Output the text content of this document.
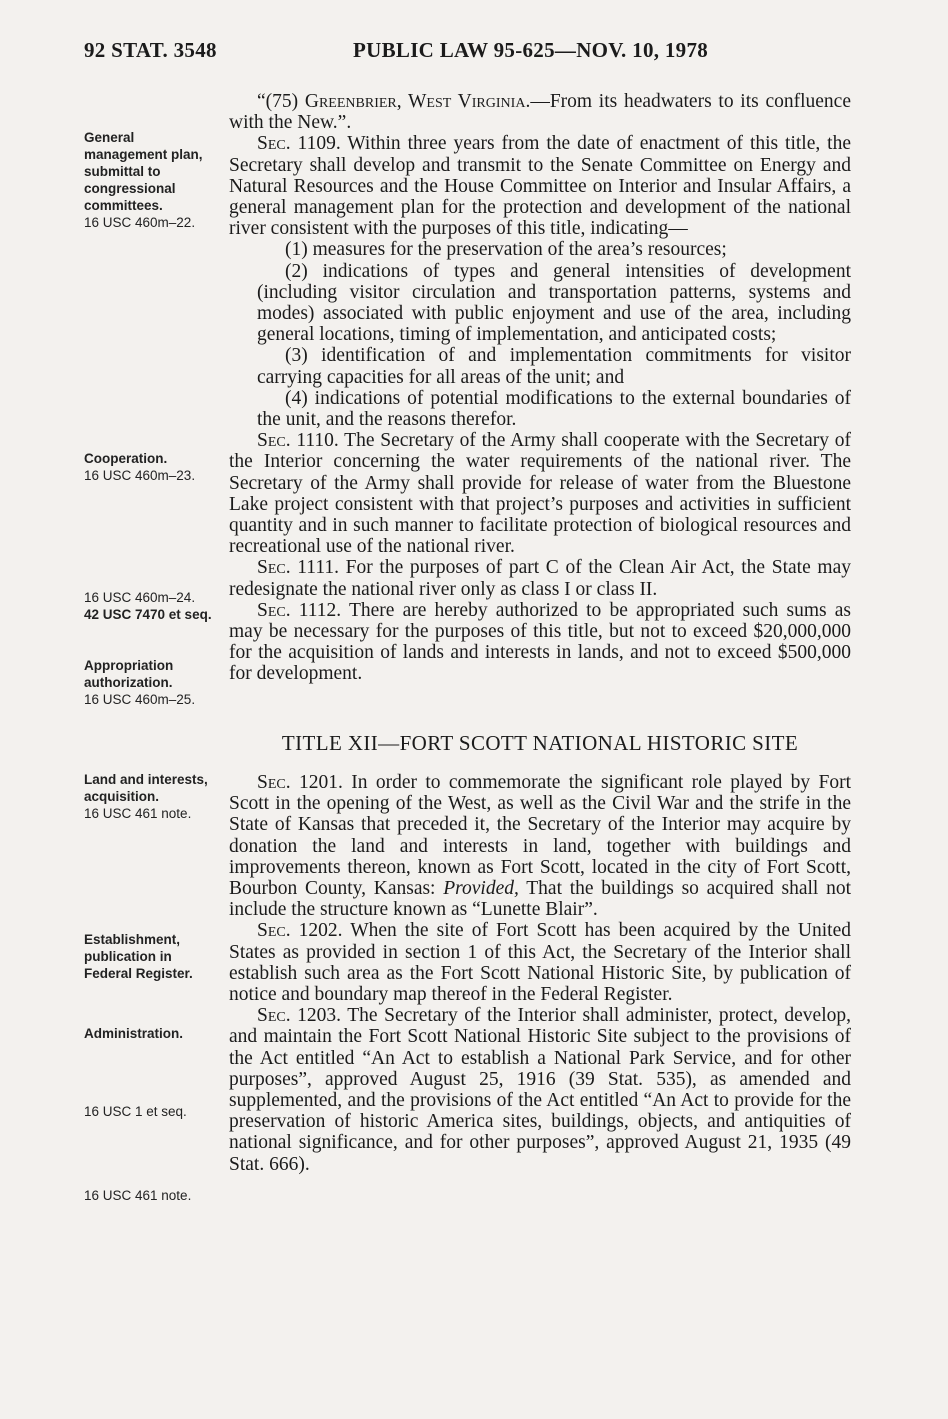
92 STAT. 3548	PUBLIC LAW 95-625—NOV. 10, 1978
General management plan, submittal to congressional committees.
16 USC 460m–22.
Cooperation.
16 USC 460m–23.
16 USC 460m–24.
42 USC 7470 et seq.
Appropriation authorization.
16 USC 460m–25.
Land and interests, acquisition.
16 USC 461 note.
Establishment, publication in Federal Register.
Administration.
16 USC 1 et seq.
16 USC 461 note.

“(75) Greenbrier, West Virginia.—From its headwaters to its confluence with the New.”.

Sec. 1109. Within three years from the date of enactment of this title, the Secretary shall develop and transmit to the Senate Committee on Energy and Natural Resources and the House Committee on Interior and Insular Affairs, a general management plan for the protection and development of the national river consistent with the purposes of this title, indicating—

(1) measures for the preservation of the area’s resources;

(2) indications of types and general intensities of development (including visitor circulation and transportation patterns, systems and modes) associated with public enjoyment and use of the area, including general locations, timing of implementation, and anticipated costs;

(3) identification of and implementation commitments for visitor carrying capacities for all areas of the unit; and

(4) indications of potential modifications to the external boundaries of the unit, and the reasons therefor.

Sec. 1110. The Secretary of the Army shall cooperate with the Secretary of the Interior concerning the water requirements of the national river. The Secretary of the Army shall provide for release of water from the Bluestone Lake project consistent with that project’s purposes and activities in sufficient quantity and in such manner to facilitate protection of biological resources and recreational use of the national river.

Sec. 1111. For the purposes of part C of the Clean Air Act, the State may redesignate the national river only as class I or class II.

Sec. 1112. There are hereby authorized to be appropriated such sums as may be necessary for the purposes of this title, but not to exceed $20,000,000 for the acquisition of lands and interests in lands, and not to exceed $500,000 for development.

TITLE XII—FORT SCOTT NATIONAL HISTORIC SITE

Sec. 1201. In order to commemorate the significant role played by Fort Scott in the opening of the West, as well as the Civil War and the strife in the State of Kansas that preceded it, the Secretary of the Interior may acquire by donation the land and interests in land, together with buildings and improvements thereon, known as Fort Scott, located in the city of Fort Scott, Bourbon County, Kansas: Provided, That the buildings so acquired shall not include the structure known as “Lunette Blair”.

Sec. 1202. When the site of Fort Scott has been acquired by the United States as provided in section 1 of this Act, the Secretary of the Interior shall establish such area as the Fort Scott National Historic Site, by publication of notice and boundary map thereof in the Federal Register.

Sec. 1203. The Secretary of the Interior shall administer, protect, develop, and maintain the Fort Scott National Historic Site subject to the provisions of the Act entitled “An Act to establish a National Park Service, and for other purposes”, approved August 25, 1916 (39 Stat. 535), as amended and supplemented, and the provisions of the Act entitled “An Act to provide for the preservation of historic America sites, buildings, objects, and antiquities of national significance, and for other purposes”, approved August 21, 1935 (49 Stat. 666).
